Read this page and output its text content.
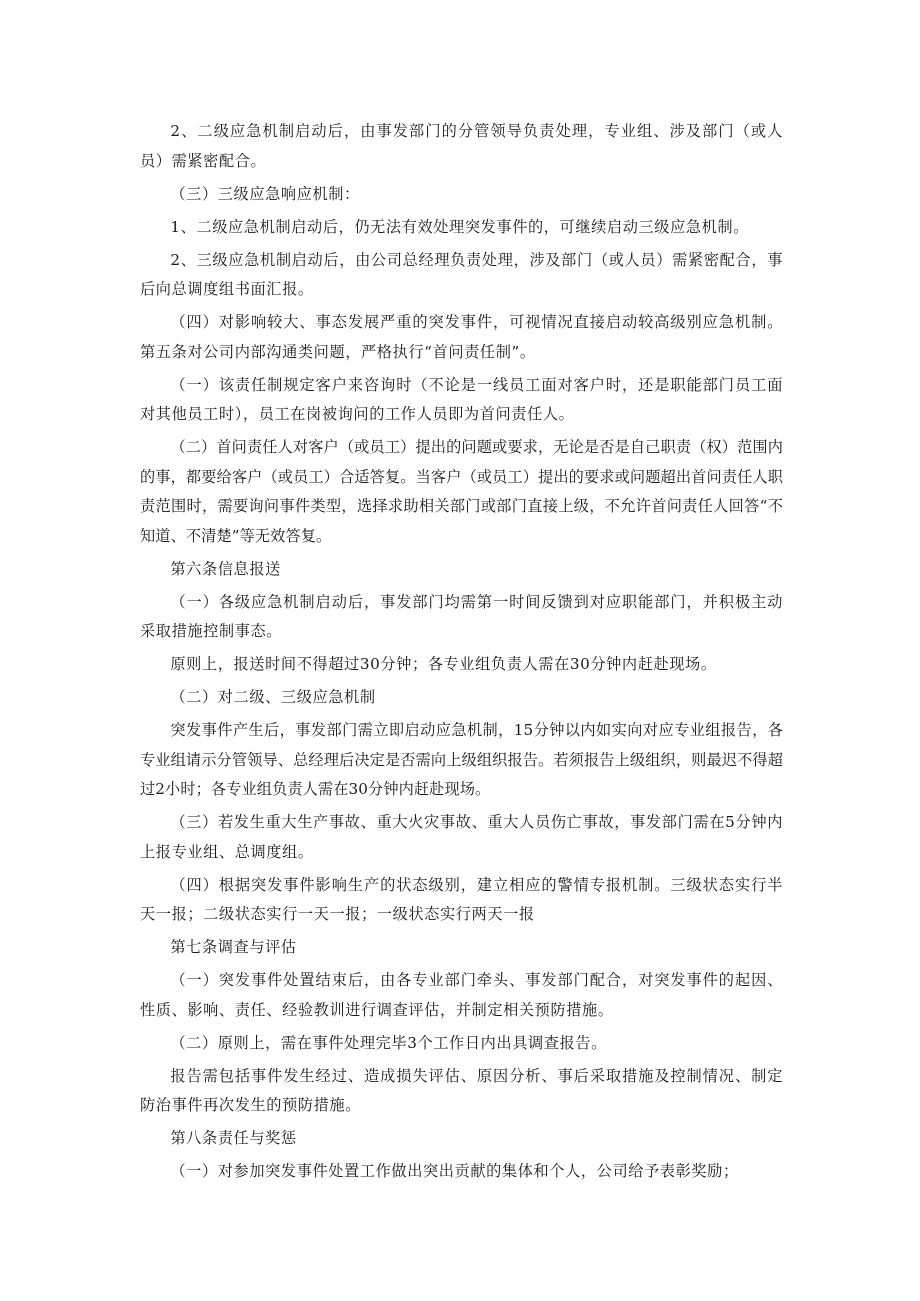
2、二级应急机制启动后，由事发部门的分管领导负责处理，专业组、涉及部门（或人员）需紧密配合。

（三）三级应急响应机制：

1、二级应急机制启动后，仍无法有效处理突发事件的，可继续启动三级应急机制。

2、三级应急机制启动后，由公司总经理负责处理，涉及部门（或人员）需紧密配合，事后向总调度组书面汇报。

（四）对影响较大、事态发展严重的突发事件，可视情况直接启动较高级别应急机制。第五条对公司内部沟通类问题，严格执行“首问责任制”。

（一）该责任制规定客户来咨询时（不论是一线员工面对客户时，还是职能部门员工面对其他员工时），员工在岗被询问的工作人员即为首问责任人。

（二）首问责任人对客户（或员工）提出的问题或要求，无论是否是自己职责（权）范围内的事，都要给客户（或员工）合适答复。当客户（或员工）提出的要求或问题超出首问责任人职责范围时，需要询问事件类型，选择求助相关部门或部门直接上级，不允许首问责任人回答“不知道、不清楚”等无效答复。

第六条信息报送

（一）各级应急机制启动后，事发部门均需第一时间反馈到对应职能部门，并积极主动采取措施控制事态。

原则上，报送时间不得超过30分钟；各专业组负责人需在30分钟内赶赴现场。

（二）对二级、三级应急机制

突发事件产生后，事发部门需立即启动应急机制，15分钟以内如实向对应专业组报告，各专业组请示分管领导、总经理后决定是否需向上级组织报告。若须报告上级组织，则最迟不得超过2小时；各专业组负责人需在30分钟内赶赴现场。

（三）若发生重大生产事故、重大火灾事故、重大人员伤亡事故，事发部门需在5分钟内上报专业组、总调度组。

（四）根据突发事件影响生产的状态级别，建立相应的警情专报机制。三级状态实行半天一报；二级状态实行一天一报；一级状态实行两天一报

第七条调查与评估

（一）突发事件处置结束后，由各专业部门牵头、事发部门配合，对突发事件的起因、性质、影响、责任、经验教训进行调查评估，并制定相关预防措施。

（二）原则上，需在事件处理完毕3个工作日内出具调查报告。

报告需包括事件发生经过、造成损失评估、原因分析、事后采取措施及控制情况、制定防治事件再次发生的预防措施。

第八条责任与奖惩

（一）对参加突发事件处置工作做出突出贡献的集体和个人，公司给予表彰奖励；
